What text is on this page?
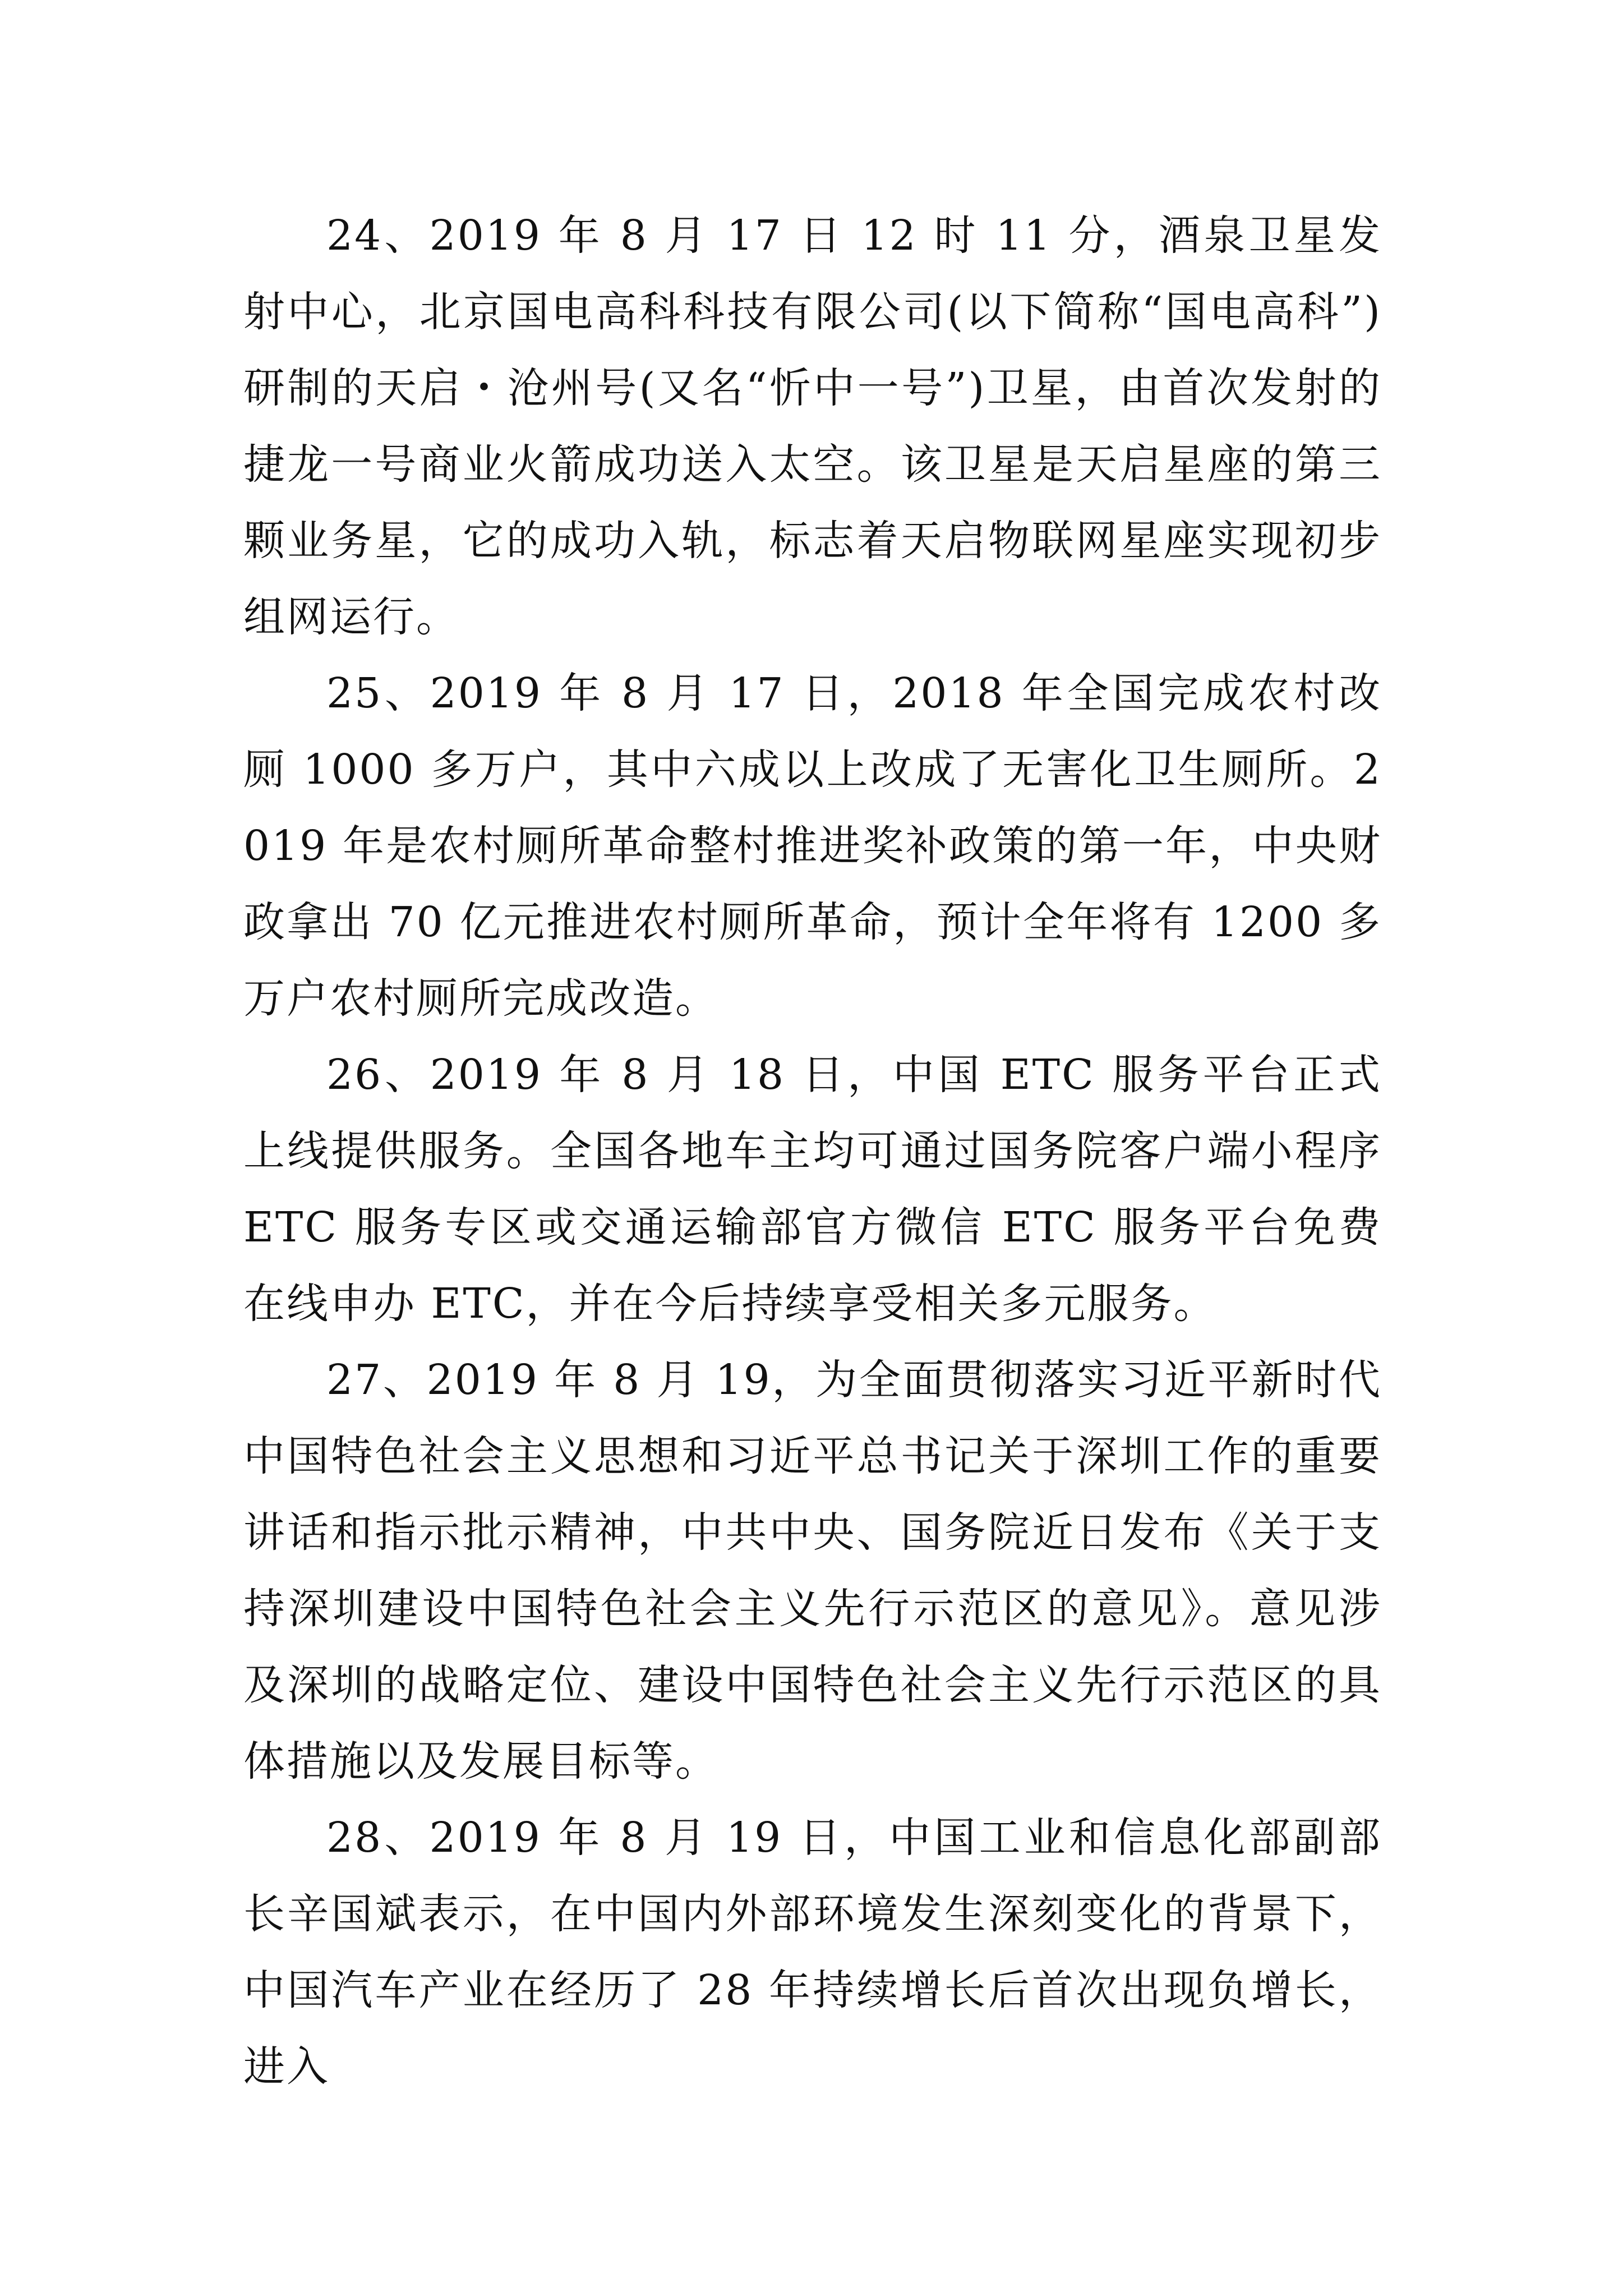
24、2019 年 8 月 17 日 12 时 11 分，酒泉卫星发射中心，北京国电高科科技有限公司(以下简称“国电高科”)研制的天启・沧州号(又名“忻中一号”)卫星，由首次发射的捷龙一号商业火箭成功送入太空。该卫星是天启星座的第三颗业务星，它的成功入轨，标志着天启物联网星座实现初步组网运行。

25、2019 年 8 月 17 日，2018 年全国完成农村改厕 1000 多万户，其中六成以上改成了无害化卫生厕所。2019 年是农村厕所革命整村推进奖补政策的第一年，中央财政拿出 70 亿元推进农村厕所革命，预计全年将有 1200 多万户农村厕所完成改造。

26、2019 年 8 月 18 日，中国 ETC 服务平台正式上线提供服务。全国各地车主均可通过国务院客户端小程序 ETC 服务专区或交通运输部官方微信 ETC 服务平台免费在线申办 ETC，并在今后持续享受相关多元服务。

27、2019 年 8 月 19，为全面贯彻落实习近平新时代中国特色社会主义思想和习近平总书记关于深圳工作的重要讲话和指示批示精神，中共中央、国务院近日发布《关于支持深圳建设中国特色社会主义先行示范区的意见》。意见涉及深圳的战略定位、建设中国特色社会主义先行示范区的具体措施以及发展目标等。

28、2019 年 8 月 19 日，中国工业和信息化部副部长辛国斌表示，在中国内外部环境发生深刻变化的背景下，中国汽车产业在经历了 28 年持续增长后首次出现负增长，进入
